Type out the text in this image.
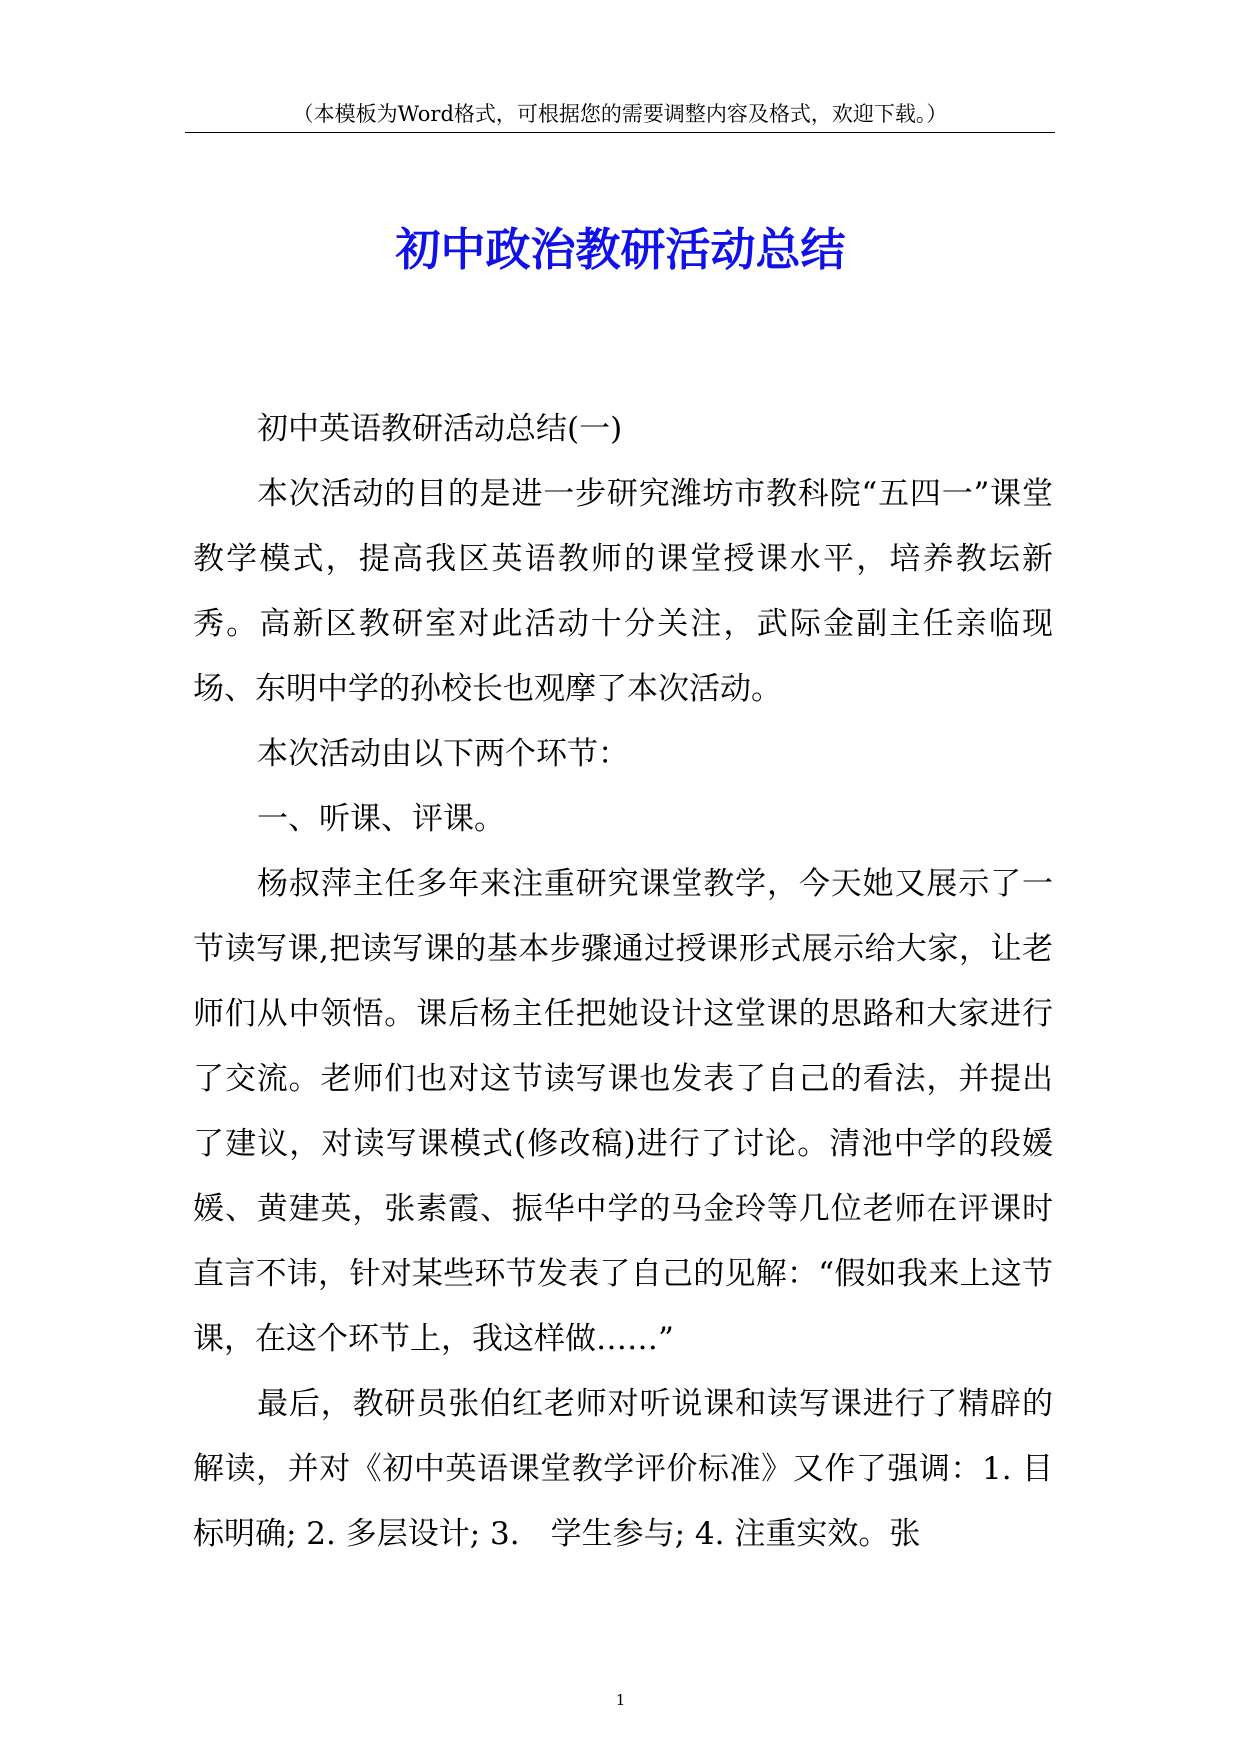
（本模板为Word格式，可根据您的需要调整内容及格式，欢迎下载。）
初中政治教研活动总结

初中英语教研活动总结(一)

本次活动的目的是进一步研究潍坊市教科院“五四一”课堂教学模式，提高我区英语教师的课堂授课水平，培养教坛新秀。高新区教研室对此活动十分关注，武际金副主任亲临现场、东明中学的孙校长也观摩了本次活动。

本次活动由以下两个环节：

一、听课、评课。

杨叔萍主任多年来注重研究课堂教学，今天她又展示了一节读写课,把读写课的基本步骤通过授课形式展示给大家，让老师们从中领悟。课后杨主任把她设计这堂课的思路和大家进行了交流。老师们也对这节读写课也发表了自己的看法，并提出了建议，对读写课模式(修改稿)进行了讨论。清池中学的段媛媛、黄建英，张素霞、振华中学的马金玲等几位老师在评课时直言不讳，针对某些环节发表了自己的见解：“假如我来上这节课，在这个环节上，我这样做……”

最后，教研员张伯红老师对听说课和读写课进行了精辟的解读，并对《初中英语课堂教学评价标准》又作了强调：1. 目标明确; 2. 多层设计; 3.　学生参与; 4. 注重实效。张

1
